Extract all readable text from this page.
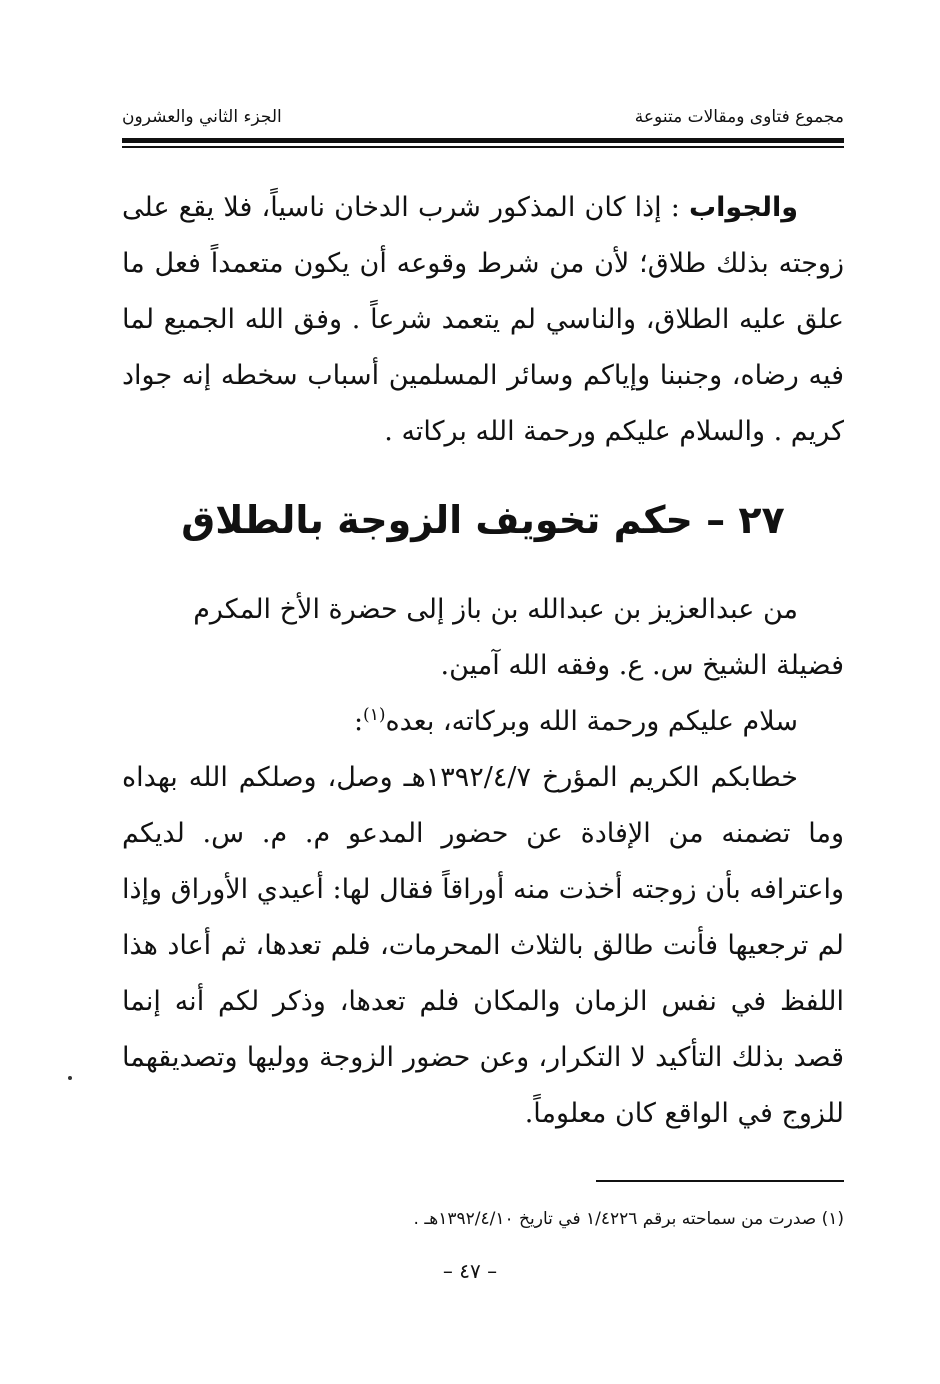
مجموع فتاوى ومقالات متنوعة
الجزء الثاني والعشرون
والجواب : إذا كان المذكور شرب الدخان ناسياً، فلا يقع على زوجته بذلك طلاق؛ لأن من شرط وقوعه أن يكون متعمداً فعل ما علق عليه الطلاق، والناسي لم يتعمد شرعاً . وفق الله الجميع لما فيه رضاه، وجنبنا وإياكم وسائر المسلمين أسباب سخطه إنه جواد كريم . والسلام عليكم ورحمة الله بركاته .
٢٧ – حكم تخويف الزوجة بالطلاق
من عبدالعزيز بن عبدالله بن باز إلى حضرة الأخ المكرم
فضيلة الشيخ س. ع. وفقه الله آمين.
سلام عليكم ورحمة الله وبركاته، بعده$^{(١)}$:
خطابكم الكريم المؤرخ ١٣٩٢/٤/٧هـ وصل، وصلكم الله بهداه وما تضمنه من الإفادة عن حضور المدعو م. م. س. لديكم واعترافه بأن زوجته أخذت منه أوراقاً فقال لها: أعيدي الأوراق وإذا لم ترجعيها فأنت طالق بالثلاث المحرمات، فلم تعدها، ثم أعاد هذا اللفظ في نفس الزمان والمكان فلم تعدها، وذكر لكم أنه إنما قصد بذلك التأكيد لا التكرار، وعن حضور الزوجة ووليها وتصديقهما للزوج في الواقع كان معلوماً.
(١) صدرت من سماحته برقم ١/٤٢٢٦ في تاريخ ١٣٩٢/٤/١٠هـ .
– ٤٧ –
